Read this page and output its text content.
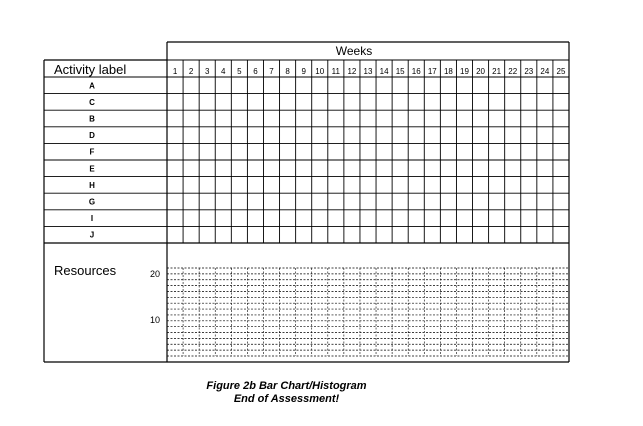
Weeks
Activity label
Resources
1 2 3 4 5 6 7 8 9 10 11 12 13 14 15 16 17 18 19 20 21 22 23 24 25
A
C
B
D
F
E
H
G
I
J
20
10
Figure 2b Bar Chart/Histogram
End of Assessment!
